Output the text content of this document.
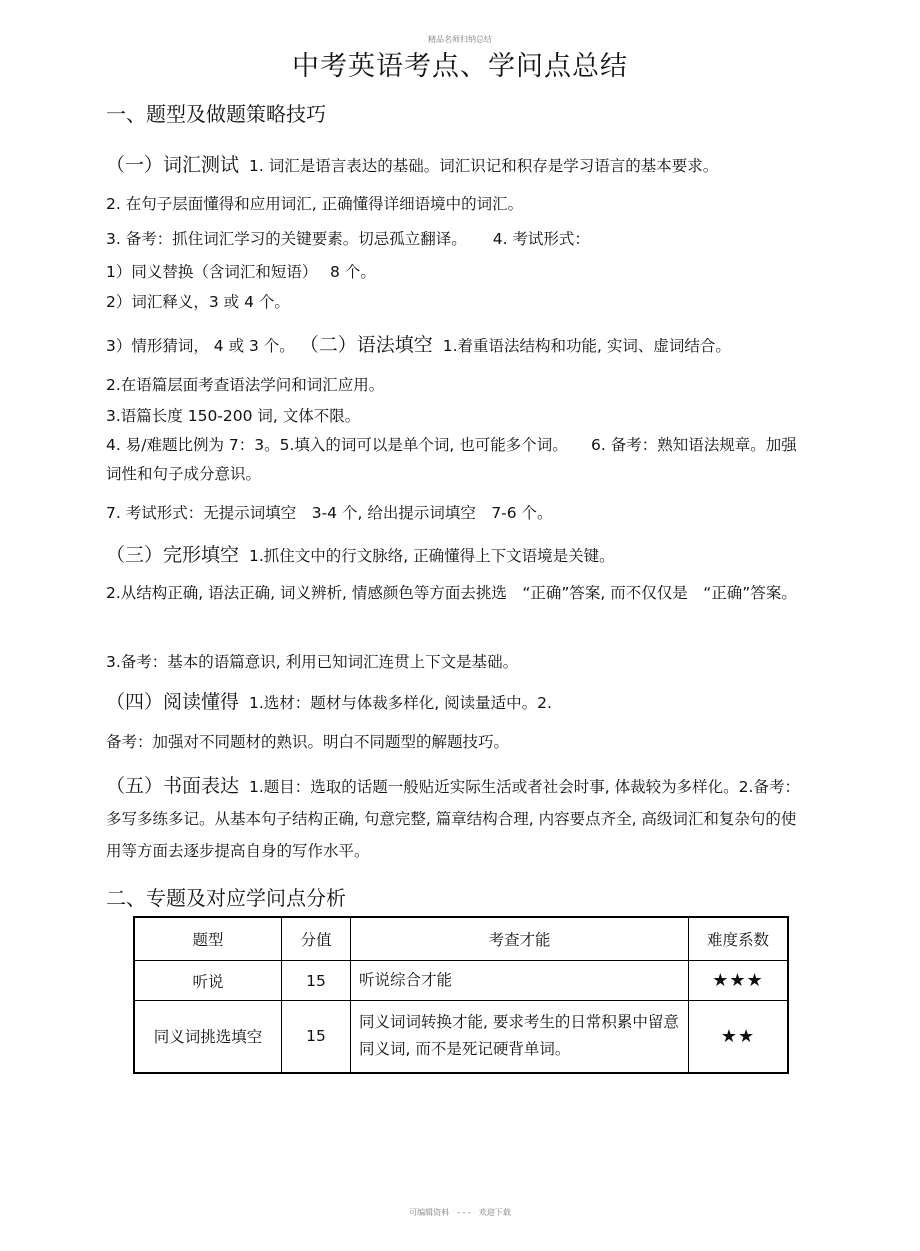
精品名师归纳总结
中考英语考点、学问点总结
一、题型及做题策略技巧
（一）词汇测试 1. 词汇是语言表达的基础。词汇识记和积存是学习语言的基本要求。
2. 在句子层面懂得和应用词汇, 正确懂得详细语境中的词汇。
3. 备考：抓住词汇学习的关键要素。切忌孤立翻译。 4. 考试形式：
1）同义替换（含词汇和短语）　 8 个。
2）词汇释义，3 或 4 个。
3）情形猜词， 4 或 3 个。 （二）语法填空 1.着重语法结构和功能, 实词、虚词结合。
2.在语篇层面考查语法学问和词汇应用。
3.语篇长度 150-200 词, 文体不限。
4. 易/难题比例为 7：3。5.填入的词可以是单个词, 也可能多个词。　　6. 备考：熟知语法规章。加强词性和句子成分意识。
7. 考试形式：无提示词填空　3-4 个, 给出提示词填空　7-6 个。
（三）完形填空 1.抓住文中的行文脉络, 正确懂得上下文语境是关键。
2.从结构正确, 语法正确, 词义辨析, 情感颜色等方面去挑选　“正确”答案, 而不仅仅是　“正确”答案。
3.备考：基本的语篇意识, 利用已知词汇连贯上下文是基础。
（四）阅读懂得 1.选材：题材与体裁多样化, 阅读量适中。2.
备考：加强对不同题材的熟识。明白不同题型的解题技巧。
（五）书面表达 1.题目：选取的话题一般贴近实际生活或者社会时事, 体裁较为多样化。2.备考：多写多练多记。从基本句子结构正确, 句意完整, 篇章结构合理, 内容要点齐全, 高级词汇和复杂句的使用等方面去逐步提高自身的写作水平。
二、专题及对应学问点分析
题型	分值	考查才能	难度系数
听说	15	听说综合才能	★★★
同义词挑选填空	15	同义词词转换才能, 要求考生的日常积累中留意同义词, 而不是死记硬背单词。	★★
可编辑资料　- - -　欢迎下载
